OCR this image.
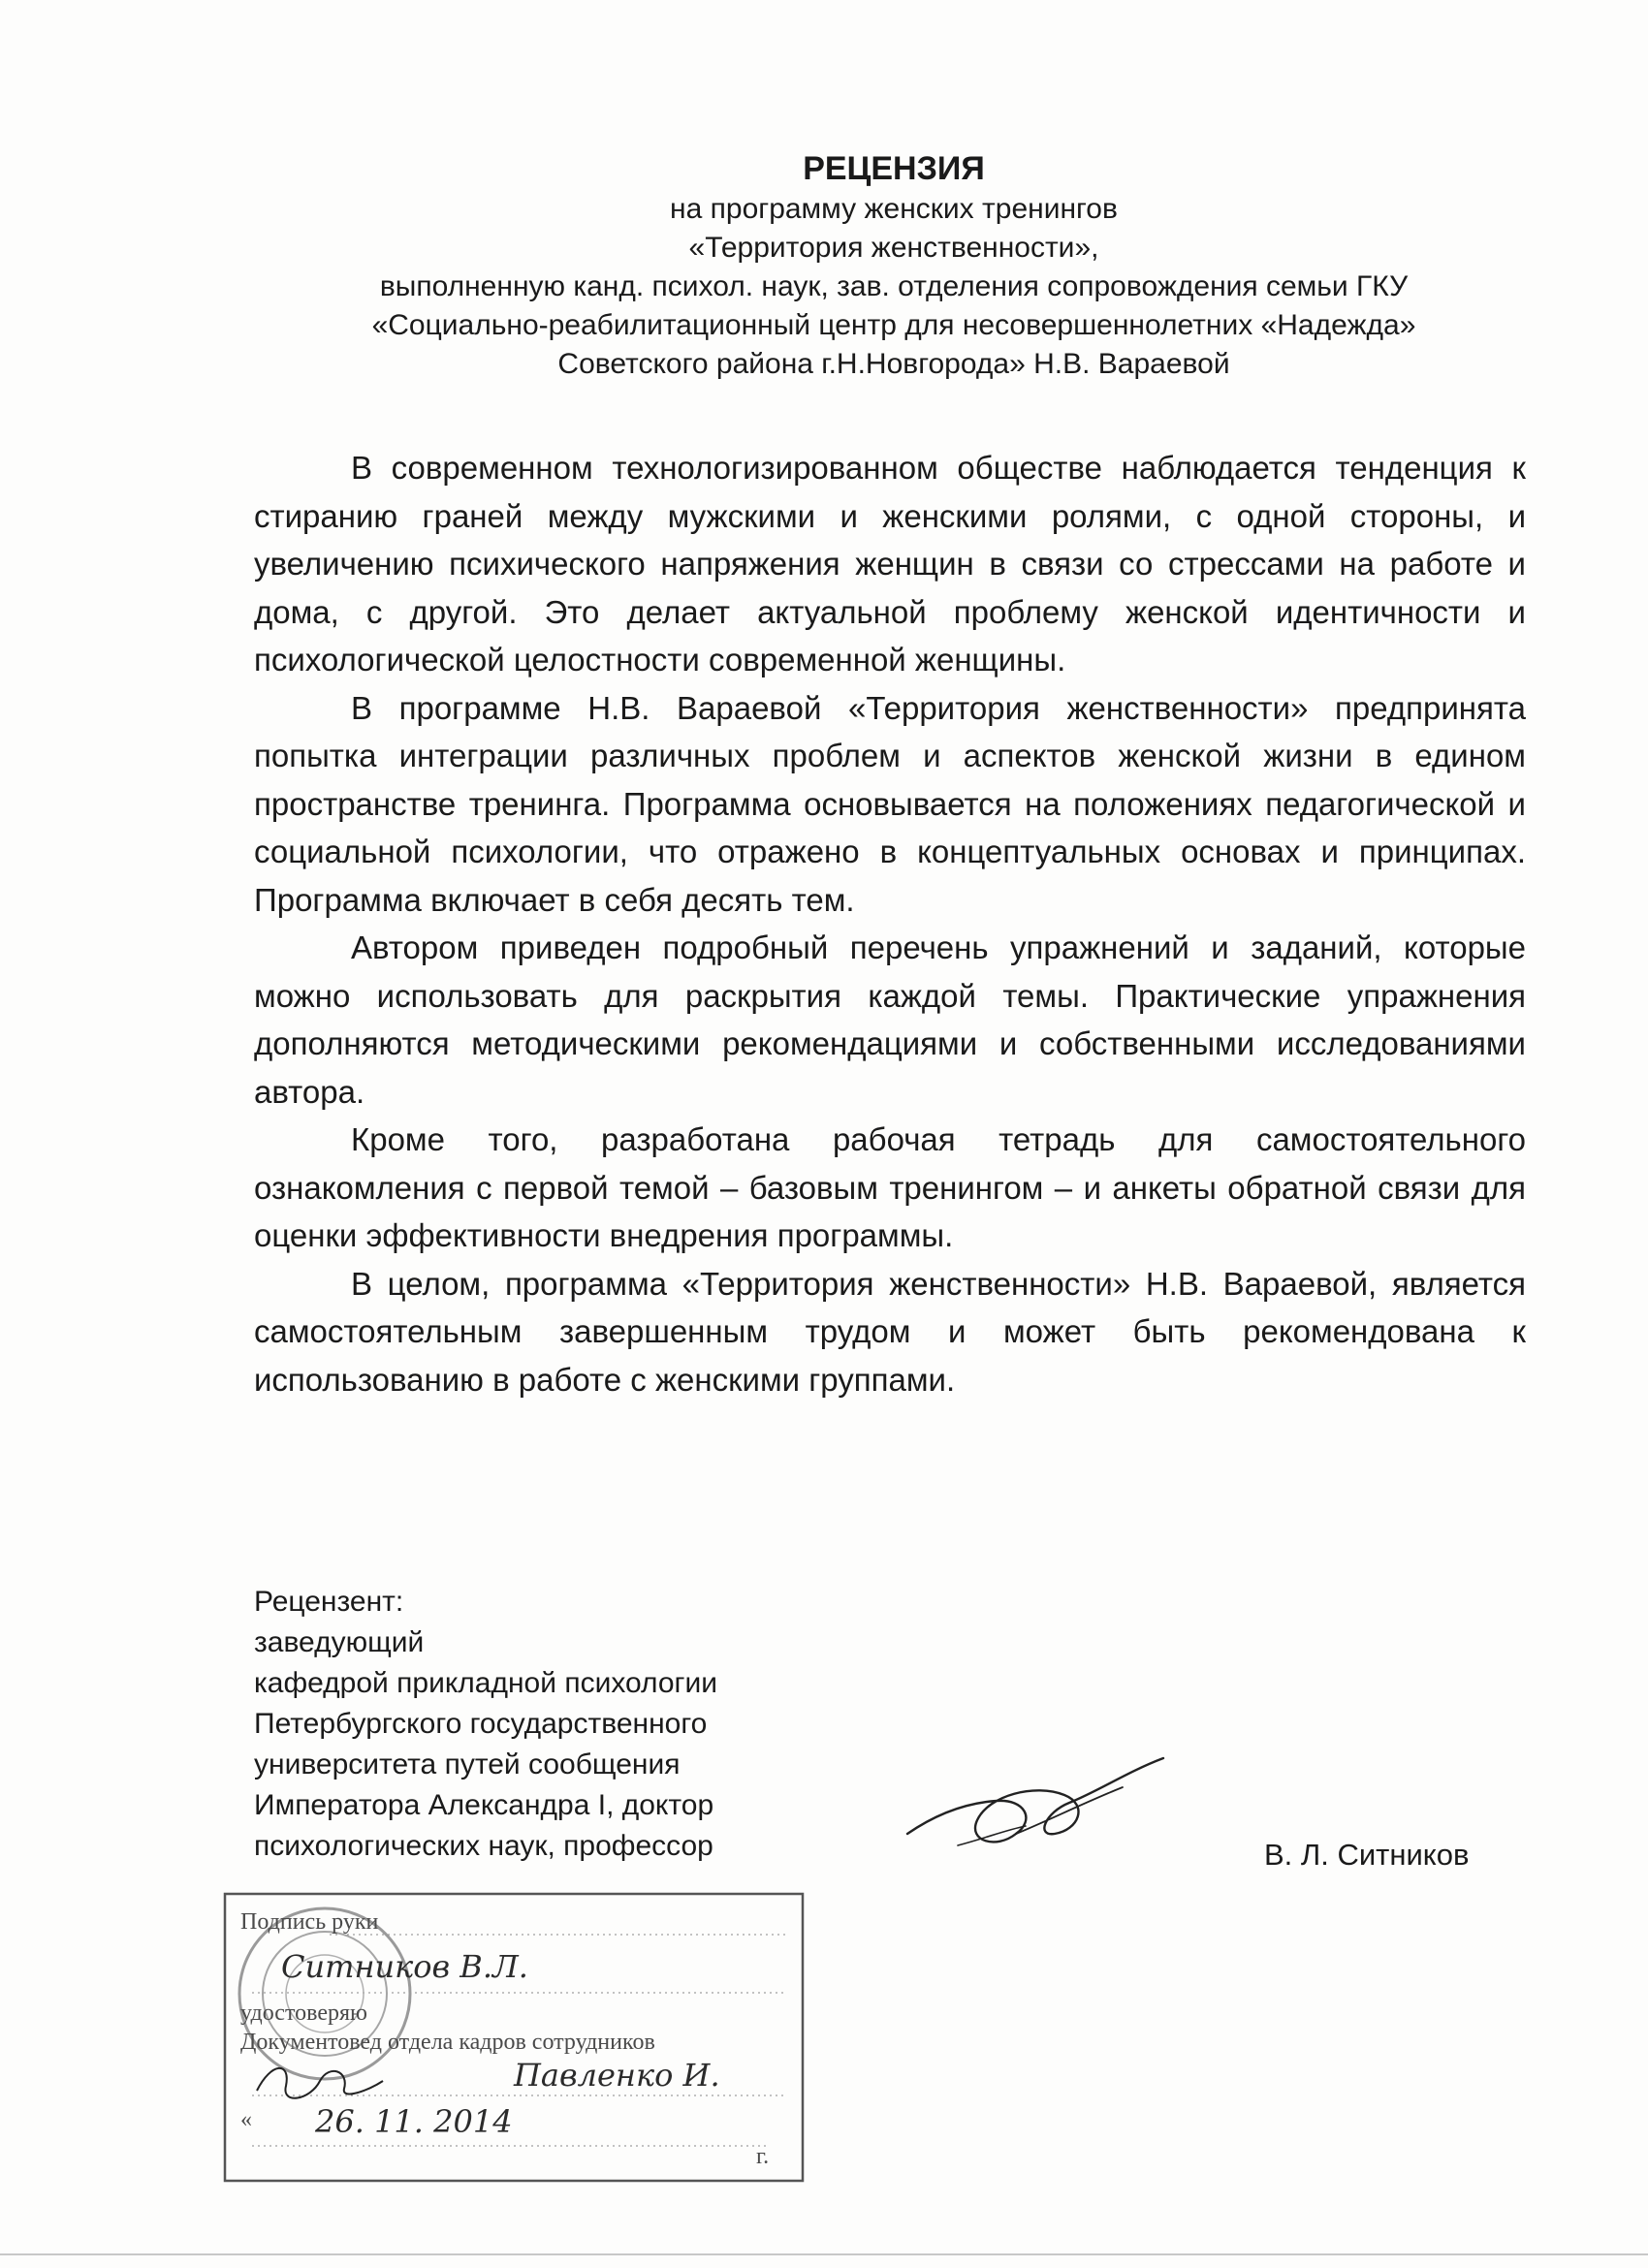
РЕЦЕНЗИЯ
на программу женских тренингов
«Территория женственности»,
выполненную канд. психол. наук, зав. отделения сопровождения семьи ГКУ
«Социально-реабилитационный центр для несовершеннолетних «Надежда»
Советского района г.Н.Новгорода» Н.В. Вараевой

В современном технологизированном обществе наблюдается тенденция к стиранию граней между мужскими и женскими ролями, с одной стороны, и увеличению психического напряжения женщин в связи со стрессами на работе и дома, с другой. Это делает актуальной проблему женской идентичности и психологической целостности современной женщины.

В программе Н.В. Вараевой «Территория женственности» предпринята попытка интеграции различных проблем и аспектов женской жизни в едином пространстве тренинга. Программа основывается на положениях педагогической и социальной психологии, что отражено в концептуальных основах и принципах. Программа включает в себя десять тем.

Автором приведен подробный перечень упражнений и заданий, которые можно использовать для раскрытия каждой темы. Практические упражнения дополняются методическими рекомендациями и собственными исследованиями автора.

Кроме того, разработана рабочая тетрадь для самостоятельного ознакомления с первой темой – базовым тренингом – и анкеты обратной связи для оценки эффективности внедрения программы.

В целом, программа «Территория женственности» Н.В. Вараевой, является самостоятельным завершенным трудом и может быть рекомендована к использованию в работе с женскими группами.

Рецензент:
заведующий
кафедрой прикладной психологии
Петербургского государственного
университета путей сообщения
Императора Александра I, доктор
психологических наук, профессор	В. Л. Ситников
Подпись руки
Ситников В.Л.
удостоверяю
Документовед отдела кадров сотрудников
Павленко И.
« 26. 11. 2014
г.
